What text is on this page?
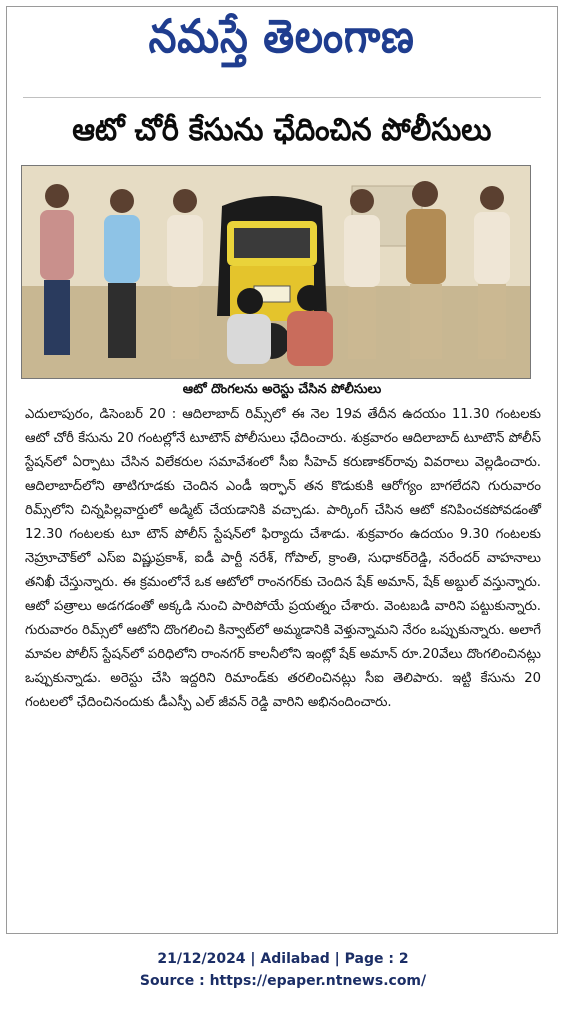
నమస్తే తెలంగాణ
ఆటో చోరీ కేసును ఛేదించిన పోలీసులు
ఆటో దొంగలను అరెస్టు చేసిన పోలీసులు

ఎదులాపురం, డిసెంబర్ 20 : ఆదిలాబాద్ రిమ్స్‌లో ఈ నెల 19వ తేదీన ఉదయం 11.30 గంటలకు ఆటో చోరీ కేసును 20 గంటల్లోనే టూటౌన్ పోలీసులు ఛేదించారు. శుక్రవారం ఆదిలాబాద్ టూటౌన్ పోలీస్ స్టేషన్‌లో ఏర్పాటు చేసిన విలేకరుల సమావేశంలో సీఐ సీహెచ్ కరుణాకర్‌రావు వివరాలు వెల్లడించారు. ఆదిలాబాద్‌లోని తాటిగూడకు చెందిన ఎండీ ఇర్ఫాన్ తన కొడుకుకి ఆరోగ్యం బాగలేదని గురువారం రిమ్స్‌లోని చిన్నపిల్లవార్డులో అడ్మిట్ చేయడానికి వచ్చాడు. పార్కింగ్ చేసిన ఆటో కనిపించకపోవడంతో 12.30 గంటలకు టూ టౌన్ పోలీస్ స్టేషన్‌లో ఫిర్యాదు చేశాడు. శుక్రవారం ఉదయం 9.30 గంటలకు నెహ్రూచౌక్‌లో ఎస్ఐ విష్ణుప్రకాశ్, ఐడీ పార్టీ నరేశ్, గోపాల్, క్రాంతి, సుధాకర్‌రెడ్డి, నరేందర్ వాహనాలు తనిఖీ చేస్తున్నారు. ఈ క్రమంలోనే ఒక ఆటోలో రాంనగర్‌కు చెందిన షేక్ అమాన్, షేక్ అబ్దుల్ వస్తున్నారు. ఆటో పత్రాలు అడగడంతో అక్కడి నుంచి పారిపోయే ప్రయత్నం చేశారు. వెంటబడి వారిని పట్టుకున్నారు. గురువారం రిమ్స్‌లో ఆటోని దొంగలించి కిన్వాట్‌లో అమ్మడానికి వెళ్తున్నామని నేరం ఒప్పుకున్నారు. అలాగే మావల పోలీస్ స్టేషన్‌లో పరిధిలోని రాంనగర్ కాలనీలోని ఇంట్లో షేక్ అమాన్ రూ.20వేలు దొంగలించినట్లు ఒప్పుకున్నాడు. అరెస్టు చేసి ఇద్దరిని రిమాండ్‌కు తరలించినట్లు సీఐ తెలిపారు. ఇట్టి కేసును 20 గంటలలో ఛేదించినందుకు డీఎస్పీ ఎల్ జీవన్ రెడ్డి వారిని అభినందించారు.

21/12/2024 | Adilabad | Page : 2
Source : https://epaper.ntnews.com/
